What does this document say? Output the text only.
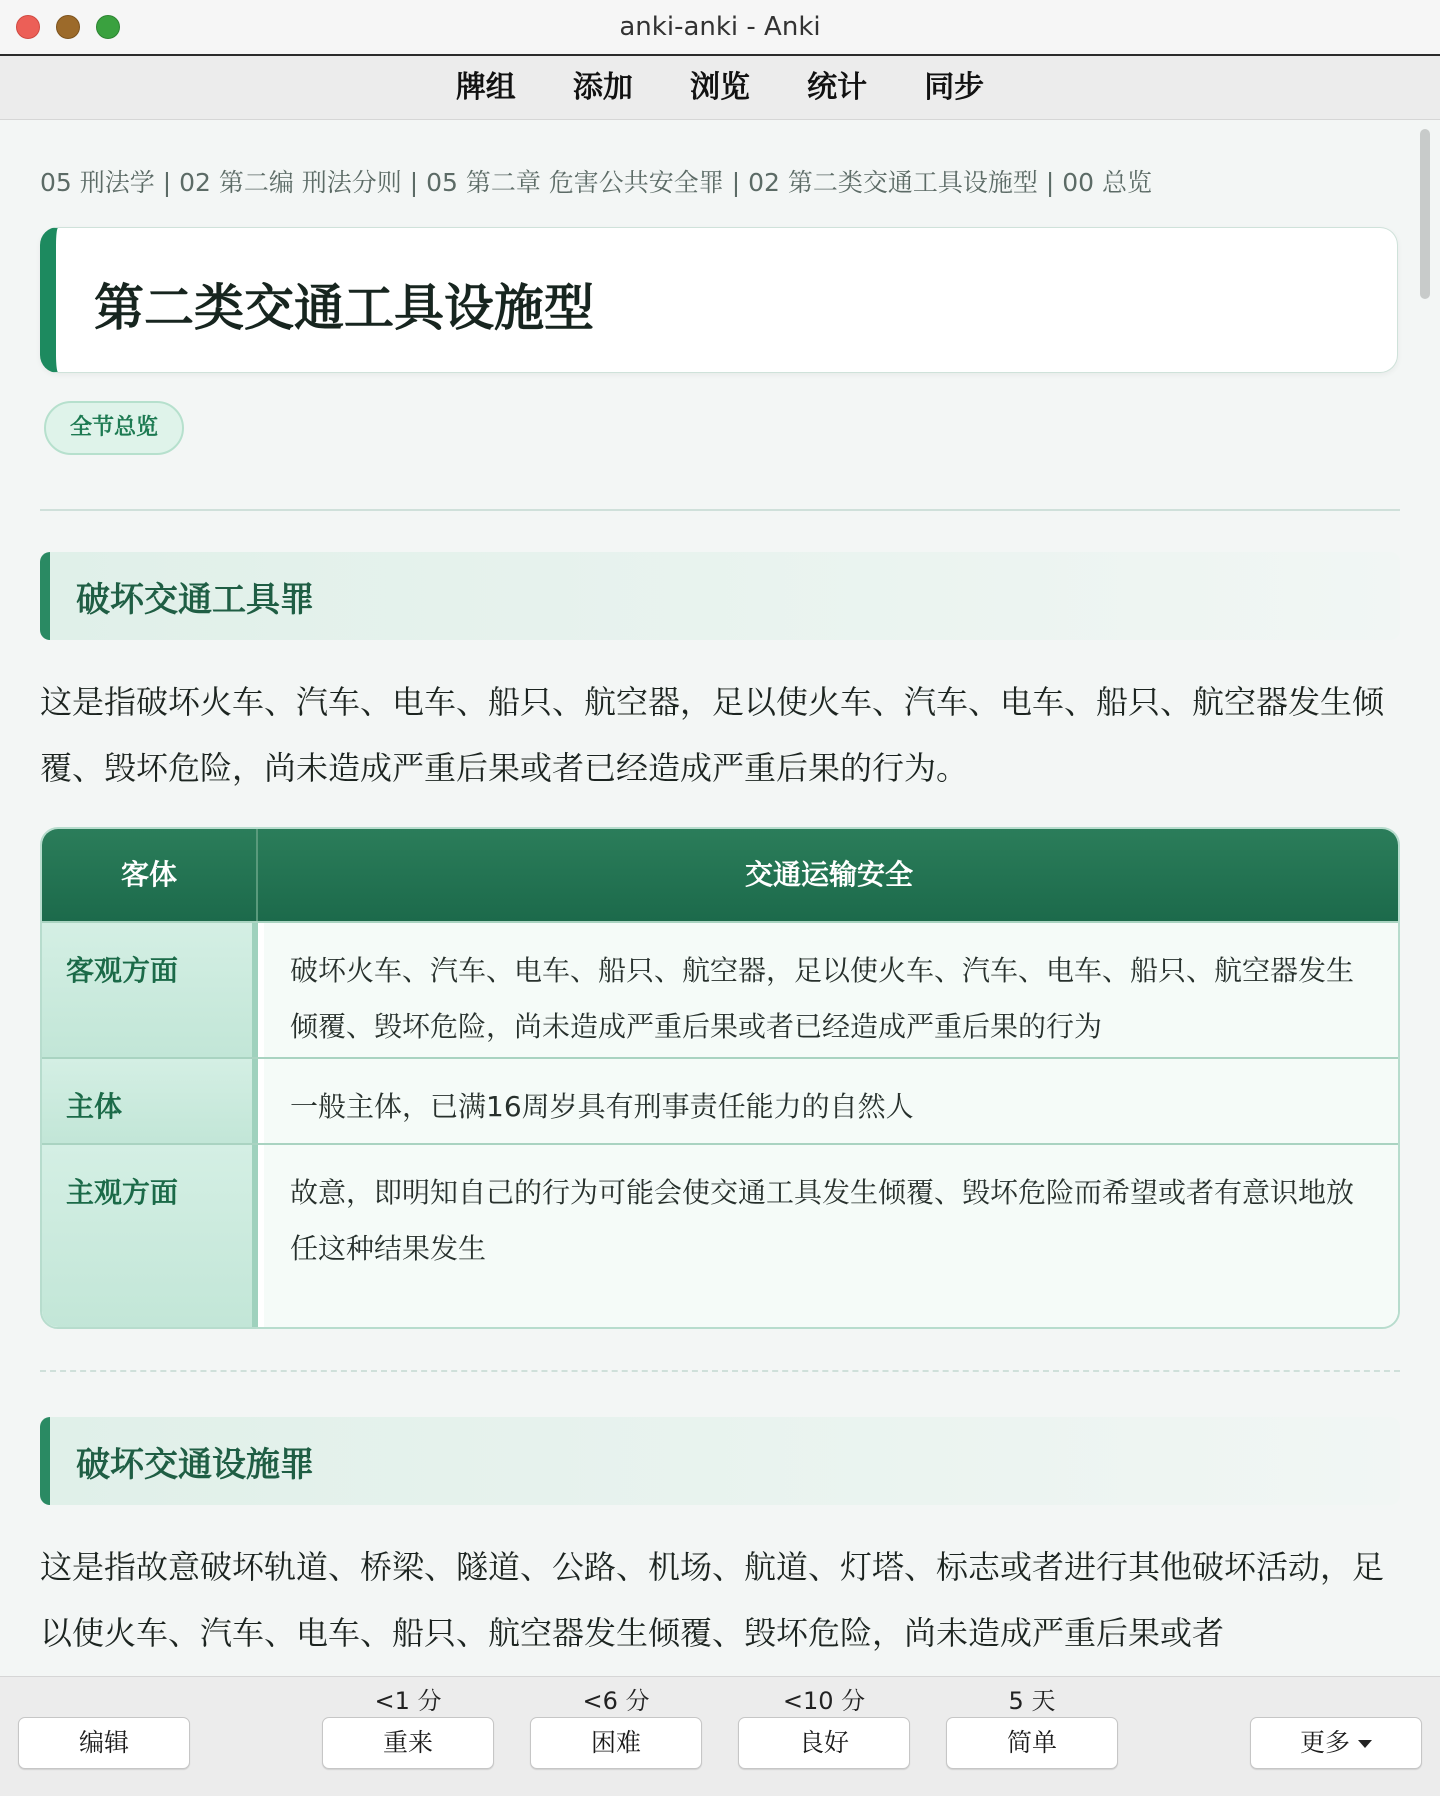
anki-anki - Anki
牌组 添加 浏览 统计 同步
05 刑法学 | 02 第二编 刑法分则 | 05 第二章 危害公共安全罪 | 02 第二类交通工具设施型 | 00 总览
第二类交通工具设施型
全节总览
破坏交通工具罪
这是指破坏火车、汽车、电车、船只、航空器，足以使火车、汽车、电车、船只、航空器发生倾覆、毁坏危险，尚未造成严重后果或者已经造成严重后果的行为。
客体	交通运输安全
客观方面	破坏火车、汽车、电车、船只、航空器，足以使火车、汽车、电车、船只、航空器发生倾覆、毁坏危险，尚未造成严重后果或者已经造成严重后果的行为
主体	一般主体，已满16周岁具有刑事责任能力的自然人
主观方面	故意，即明知自己的行为可能会使交通工具发生倾覆、毁坏危险而希望或者有意识地放任这种结果发生
破坏交通设施罪
这是指故意破坏轨道、桥梁、隧道、公路、机场、航道、灯塔、标志或者进行其他破坏活动，足以使火车、汽车、电车、船只、航空器发生倾覆、毁坏危险，尚未造成严重后果或者
编辑
<1 分
重来
<6 分
困难
<10 分
良好
5 天
简单	更多
